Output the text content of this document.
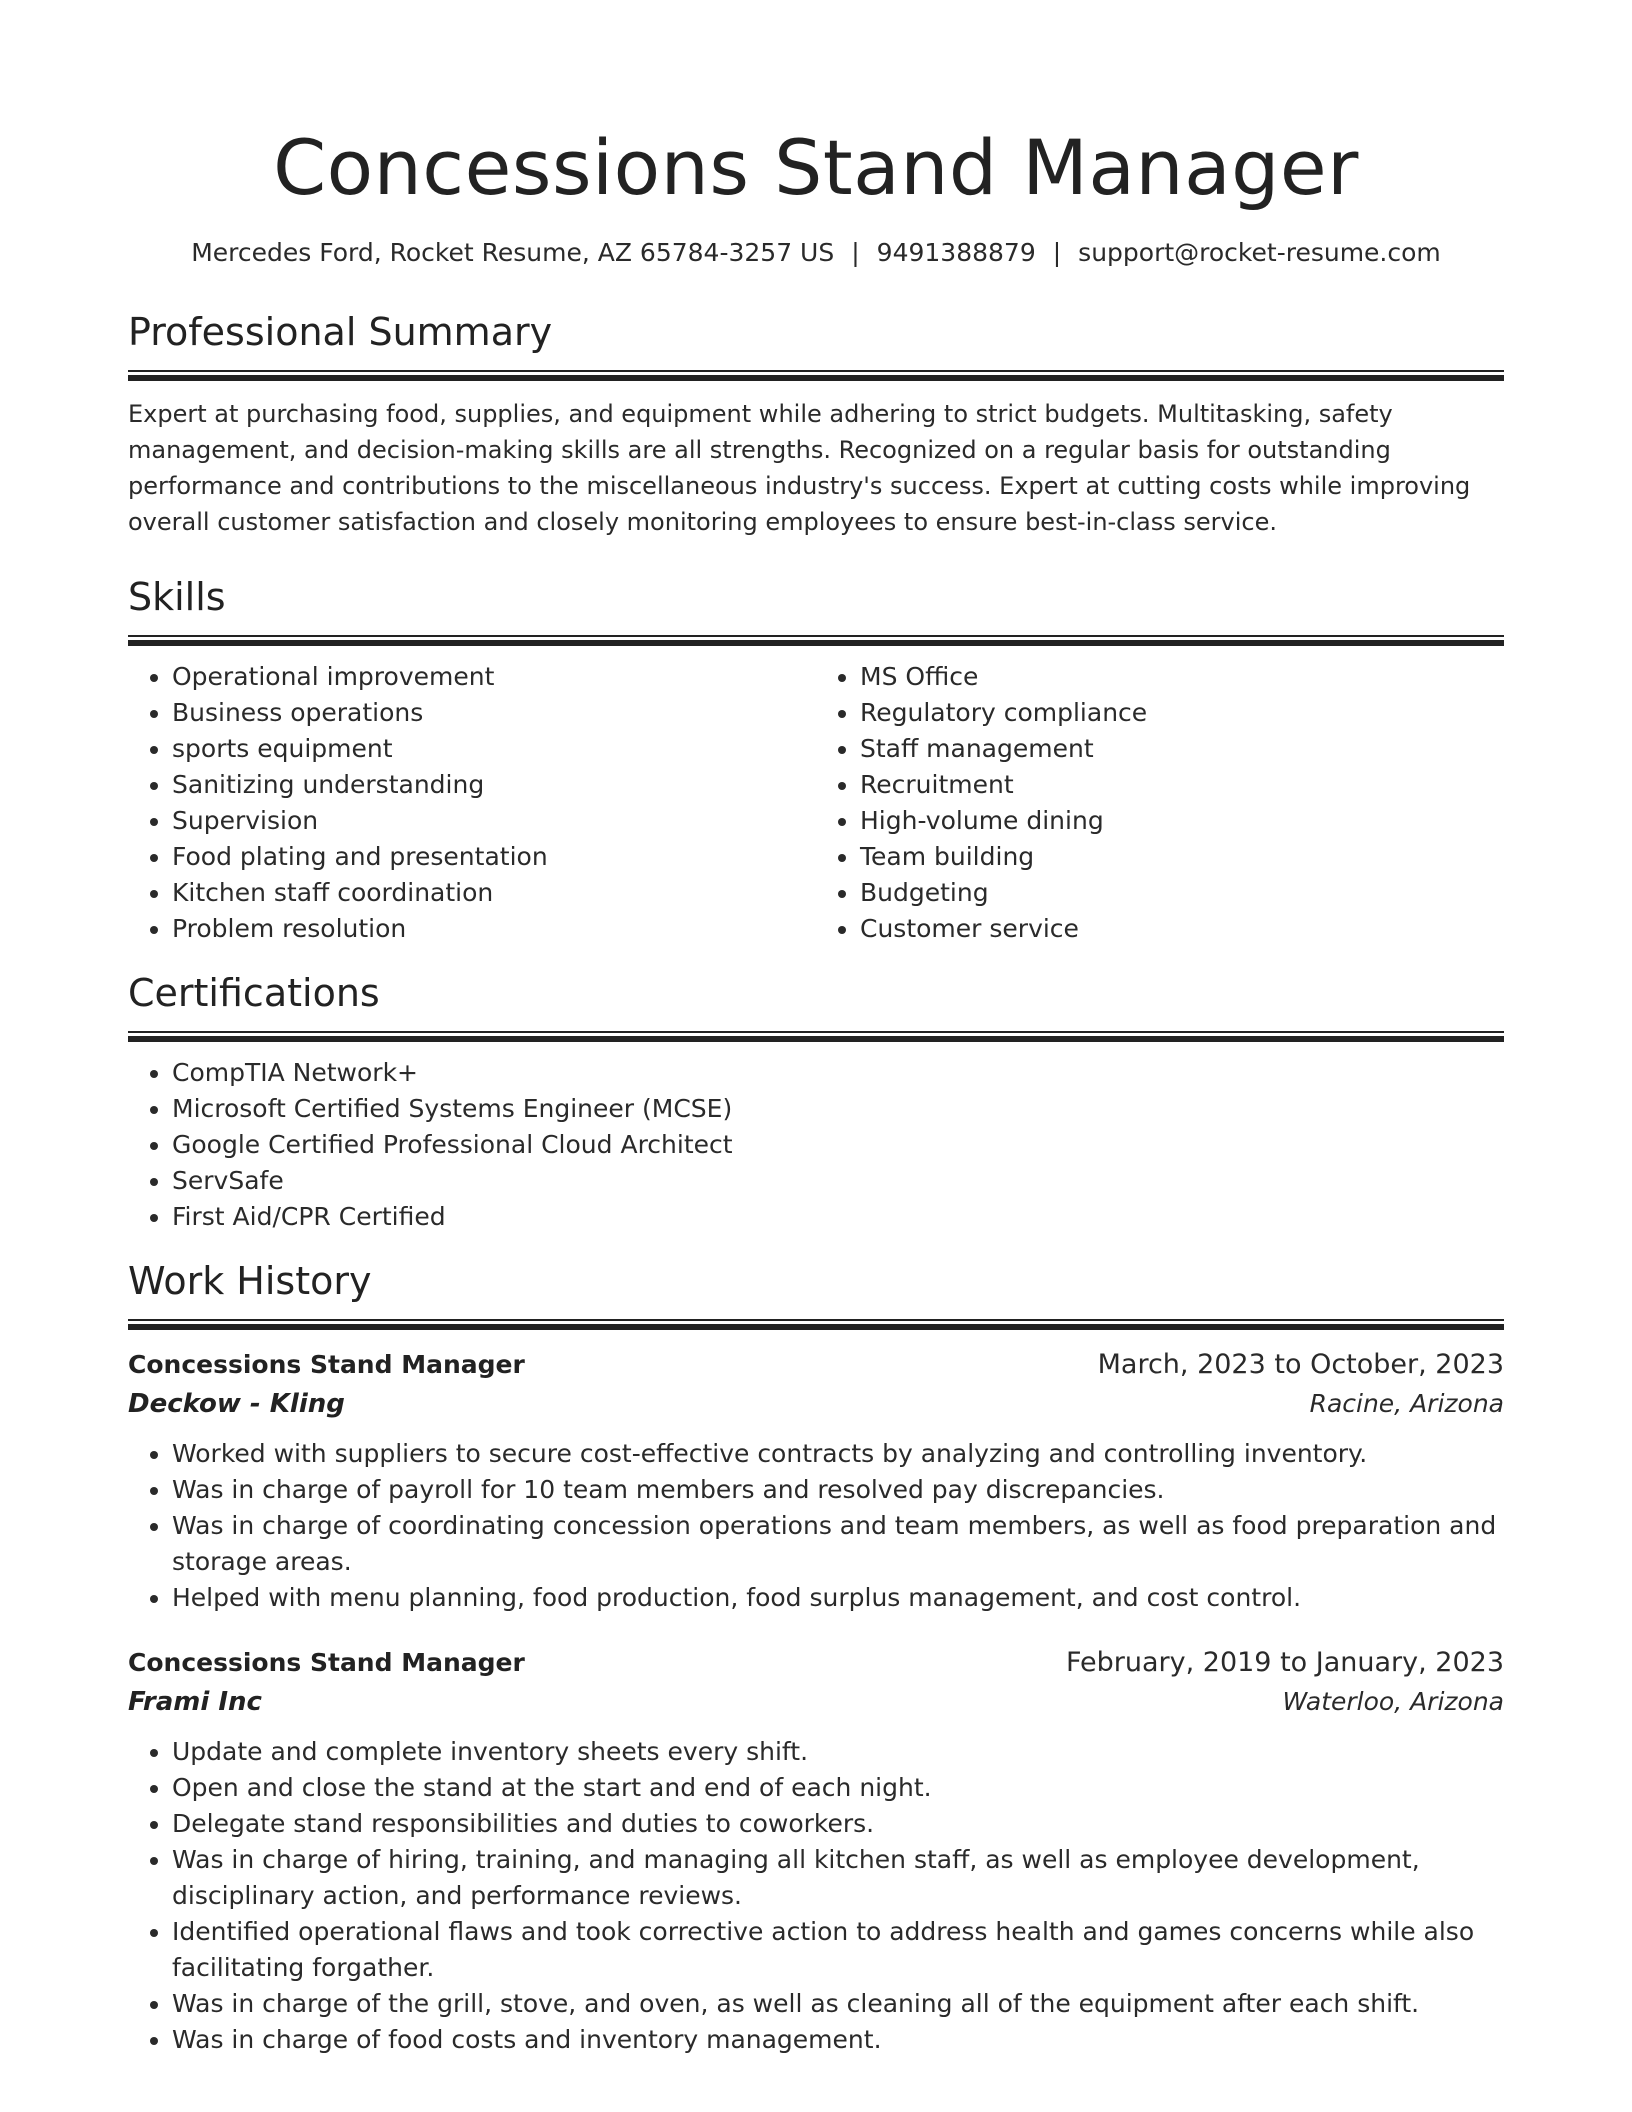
Concessions Stand Manager
Mercedes Ford, Rocket Resume, AZ 65784-3257 US | 9491388879 | support@rocket-resume.com
Professional Summary
Expert at purchasing food, supplies, and equipment while adhering to strict budgets. Multitasking, safety management, and decision-making skills are all strengths. Recognized on a regular basis for outstanding performance and contributions to the miscellaneous industry's success. Expert at cutting costs while improving overall customer satisfaction and closely monitoring employees to ensure best-in-class service.
Skills
• Operational improvement
• Business operations
• sports equipment
• Sanitizing understanding
• Supervision
• Food plating and presentation
• Kitchen staff coordination
• Problem resolution
• MS Office
• Regulatory compliance
• Staff management
• Recruitment
• High-volume dining
• Team building
• Budgeting
• Customer service
Certifications
• CompTIA Network+
• Microsoft Certified Systems Engineer (MCSE)
• Google Certified Professional Cloud Architect
• ServSafe
• First Aid/CPR Certified
Work History
Concessions Stand Manager	March, 2023 to October, 2023
Deckow - Kling	Racine, Arizona
• Worked with suppliers to secure cost-effective contracts by analyzing and controlling inventory.
• Was in charge of payroll for 10 team members and resolved pay discrepancies.
• Was in charge of coordinating concession operations and team members, as well as food preparation and storage areas.
• Helped with menu planning, food production, food surplus management, and cost control.
Concessions Stand Manager	February, 2019 to January, 2023
Frami Inc	Waterloo, Arizona
• Update and complete inventory sheets every shift.
• Open and close the stand at the start and end of each night.
• Delegate stand responsibilities and duties to coworkers.
• Was in charge of hiring, training, and managing all kitchen staff, as well as employee development, disciplinary action, and performance reviews.
• Identified operational flaws and took corrective action to address health and games concerns while also facilitating forgather.
• Was in charge of the grill, stove, and oven, as well as cleaning all of the equipment after each shift.
• Was in charge of food costs and inventory management.
